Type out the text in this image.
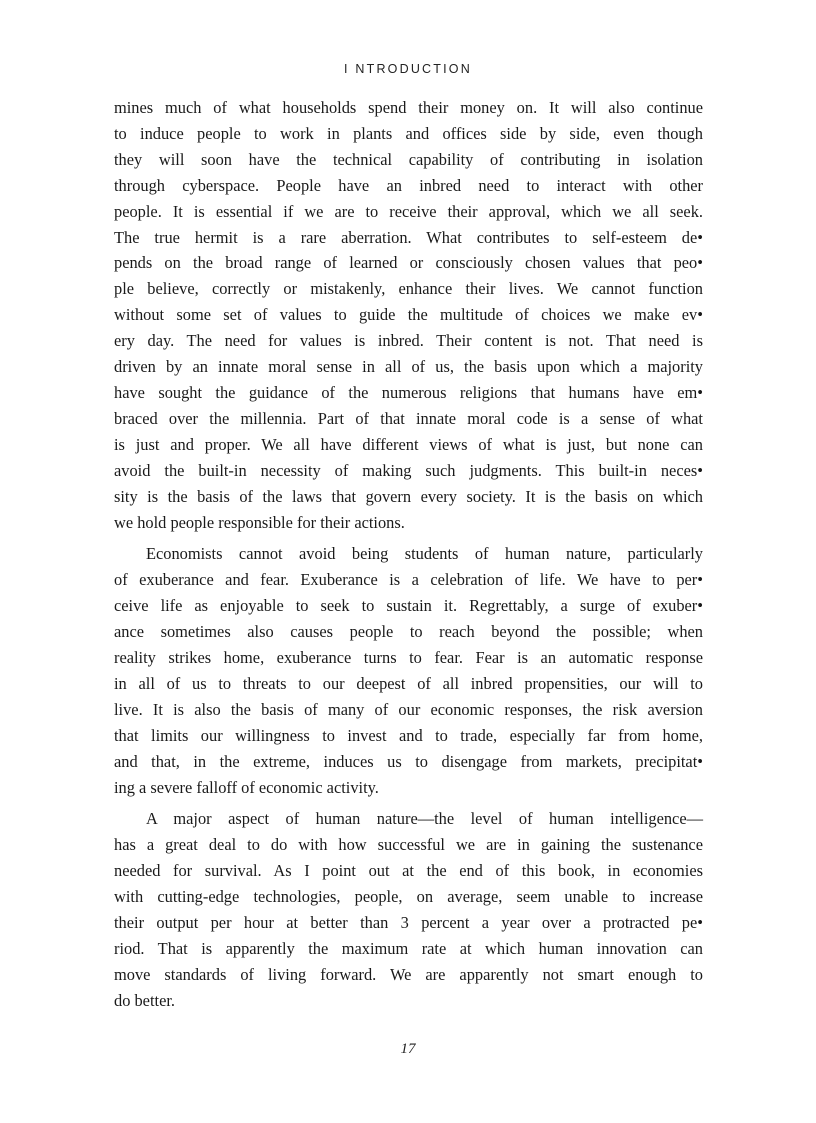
I NTRODUCTION

mines much of what households spend their money on. It will also continue
to induce people to work in plants and offices side by side, even though
they will soon have the technical capability of contributing in isolation
through cyberspace. People have an inbred need to interact with other
people. It is essential if we are to receive their approval, which we all seek.
The true hermit is a rare aberration. What contributes to self-esteem de•
pends on the broad range of learned or consciously chosen values that peo•
ple believe, correctly or mistakenly, enhance their lives. We cannot function
without some set of values to guide the multitude of choices we make ev•
ery day. The need for values is inbred. Their content is not. That need is
driven by an innate moral sense in all of us, the basis upon which a majority
have sought the guidance of the numerous religions that humans have em•
braced over the millennia. Part of that innate moral code is a sense of what
is just and proper. We all have different views of what is just, but none can
avoid the built-in necessity of making such judgments. This built-in neces•
sity is the basis of the laws that govern every society. It is the basis on which
we hold people responsible for their actions.

Economists cannot avoid being students of human nature, particularly
of exuberance and fear. Exuberance is a celebration of life. We have to per•
ceive life as enjoyable to seek to sustain it. Regrettably, a surge of exuber•
ance sometimes also causes people to reach beyond the possible; when
reality strikes home, exuberance turns to fear. Fear is an automatic response
in all of us to threats to our deepest of all inbred propensities, our will to
live. It is also the basis of many of our economic responses, the risk aversion
that limits our willingness to invest and to trade, especially far from home,
and that, in the extreme, induces us to disengage from markets, precipitat•
ing a severe falloff of economic activity.

A major aspect of human nature—the level of human intelligence—
has a great deal to do with how successful we are in gaining the sustenance
needed for survival. As I point out at the end of this book, in economies
with cutting-edge technologies, people, on average, seem unable to increase
their output per hour at better than 3 percent a year over a protracted pe•
riod. That is apparently the maximum rate at which human innovation can
move standards of living forward. We are apparently not smart enough to
do better.

17
